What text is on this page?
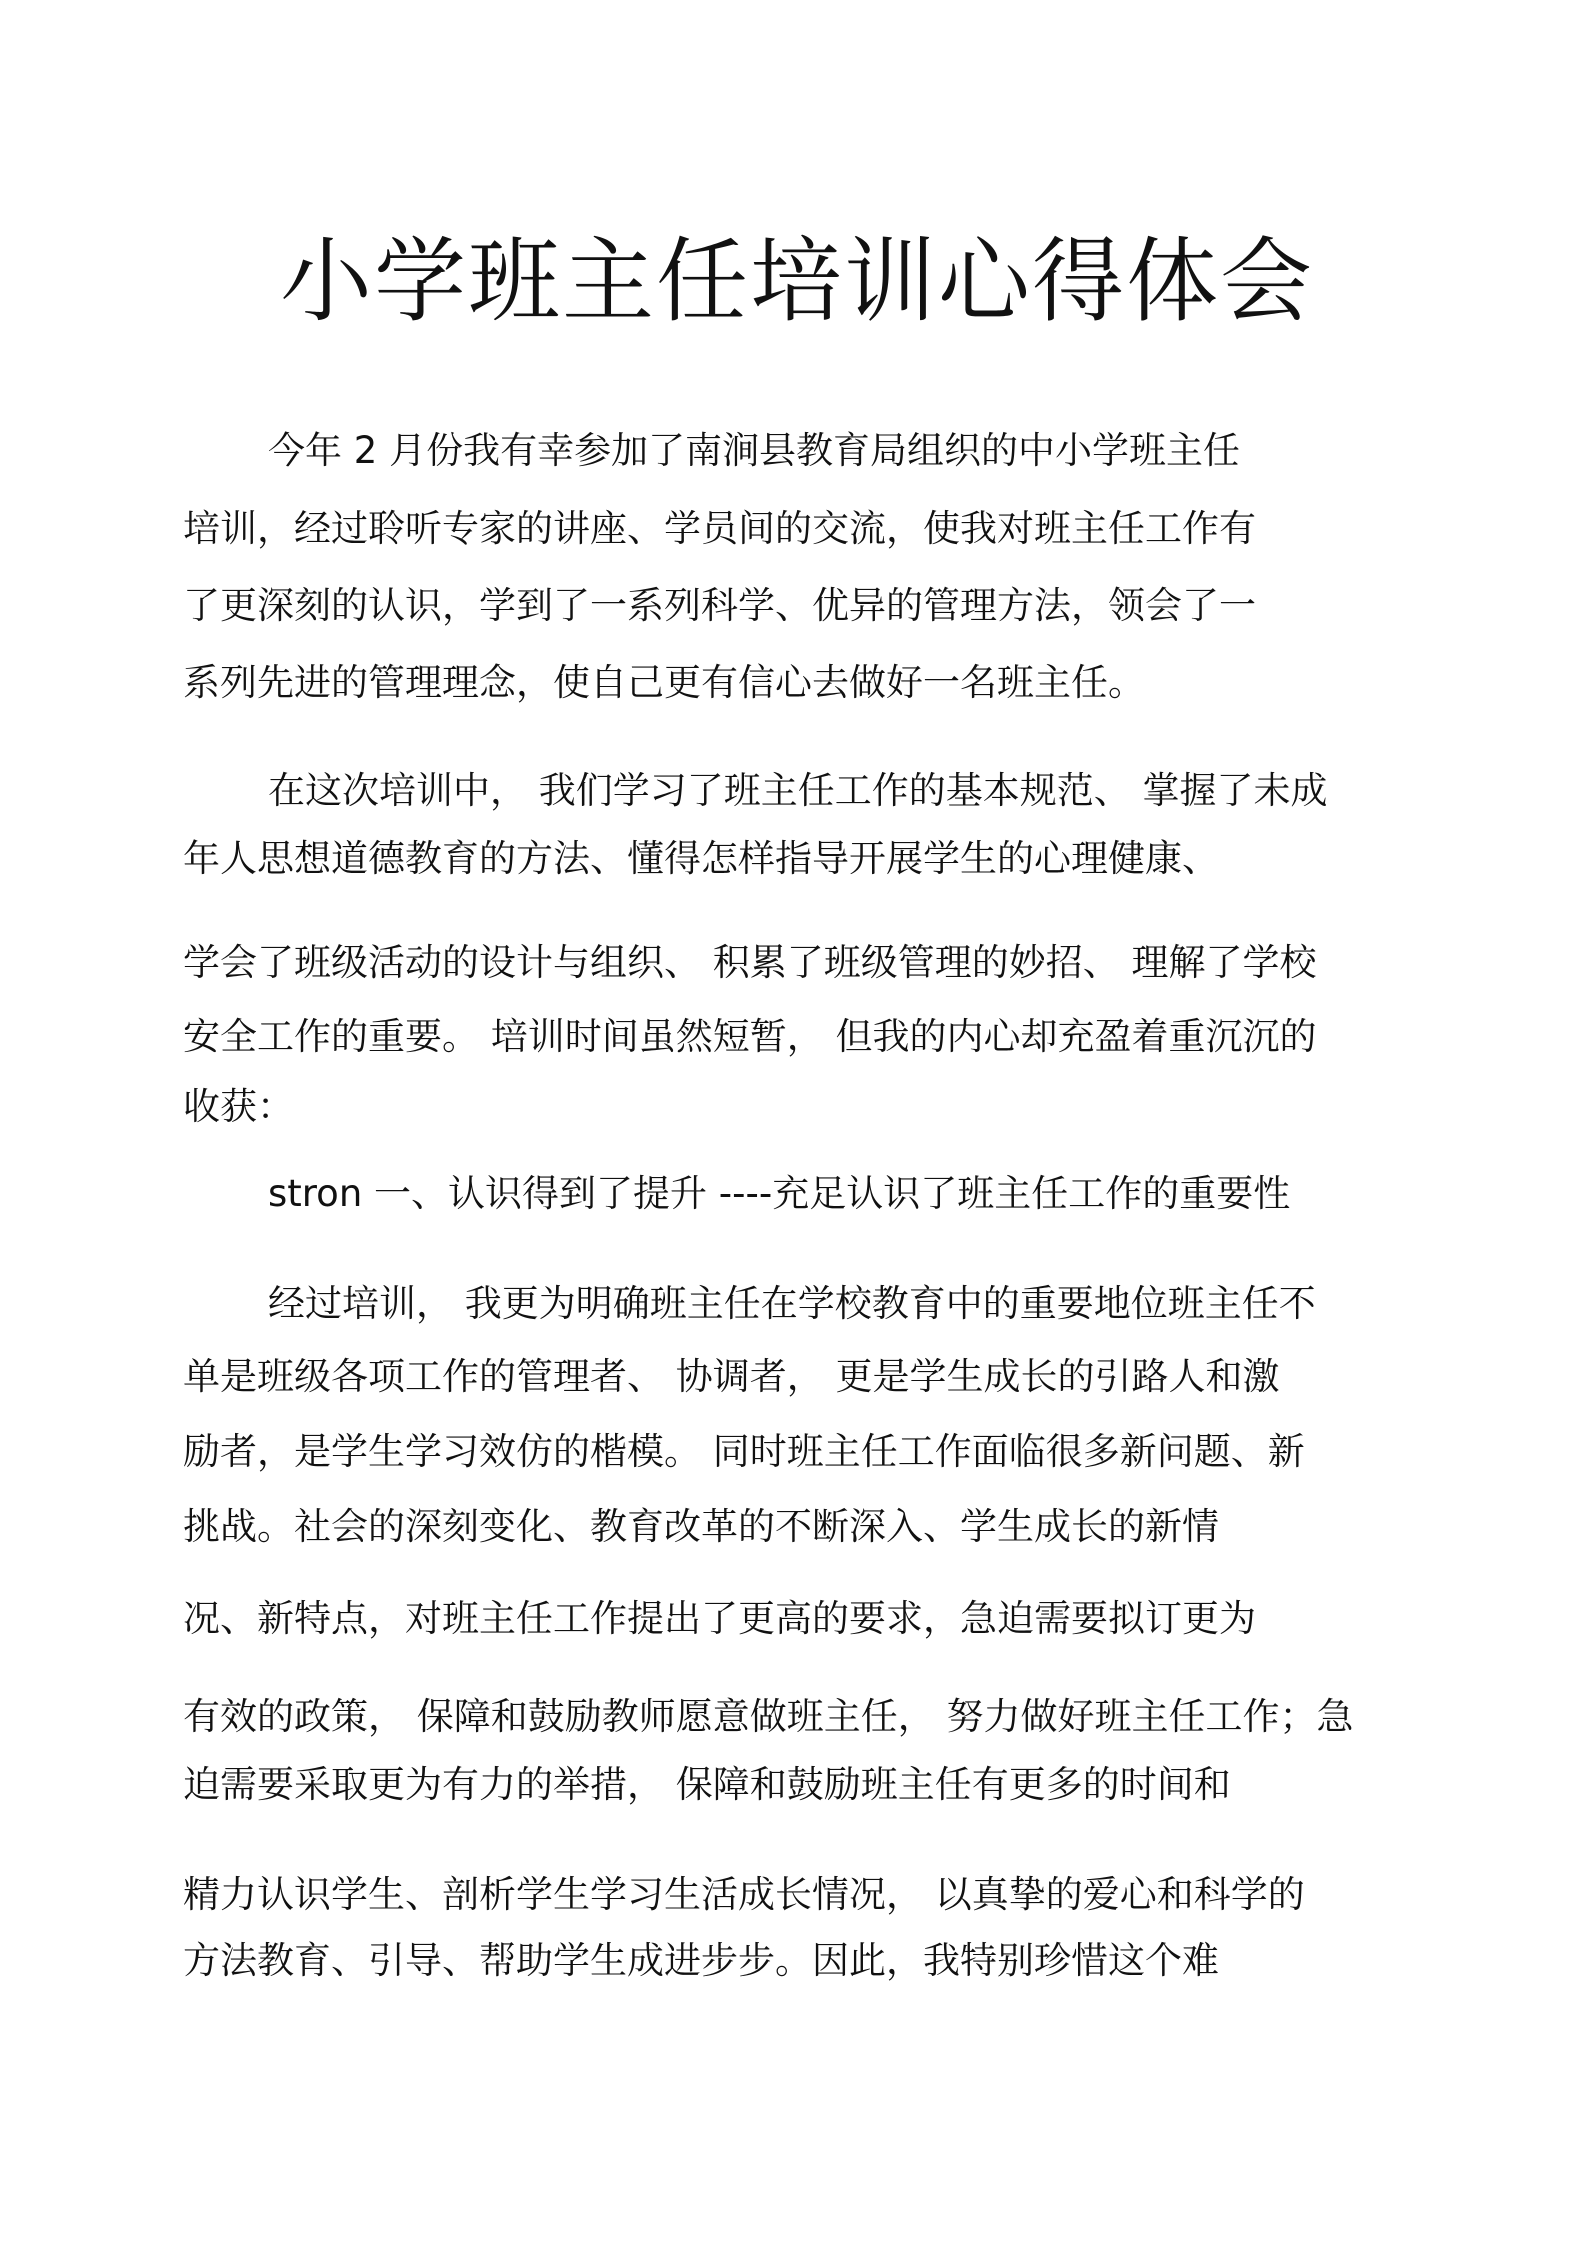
小学班主任培训心得体会

今年 2 月份我有幸参加了南涧县教育局组织的中小学班主任

培训，经过聆听专家的讲座、学员间的交流，使我对班主任工作有

了更深刻的认识，学到了一系列科学、优异的管理方法，领会了一

系列先进的管理理念，使自己更有信心去做好一名班主任。

在这次培训中， 我们学习了班主任工作的基本规范、 掌握了未成

年人思想道德教育的方法、懂得怎样指导开展学生的心理健康、

学会了班级活动的设计与组织、 积累了班级管理的妙招、 理解了学校

安全工作的重要。 培训时间虽然短暂， 但我的内心却充盈着重沉沉的

收获：

stron 一、认识得到了提升 ----充足认识了班主任工作的重要性

经过培训， 我更为明确班主任在学校教育中的重要地位班主任不

单是班级各项工作的管理者、 协调者， 更是学生成长的引路人和激

励者，是学生学习效仿的楷模。 同时班主任工作面临很多新问题、新

挑战。社会的深刻变化、教育改革的不断深入、学生成长的新情

况、新特点，对班主任工作提出了更高的要求，急迫需要拟订更为

有效的政策， 保障和鼓励教师愿意做班主任， 努力做好班主任工作；急

迫需要采取更为有力的举措， 保障和鼓励班主任有更多的时间和

精力认识学生、剖析学生学习生活成长情况， 以真挚的爱心和科学的

方法教育、引导、帮助学生成进步步。因此，我特别珍惜这个难
